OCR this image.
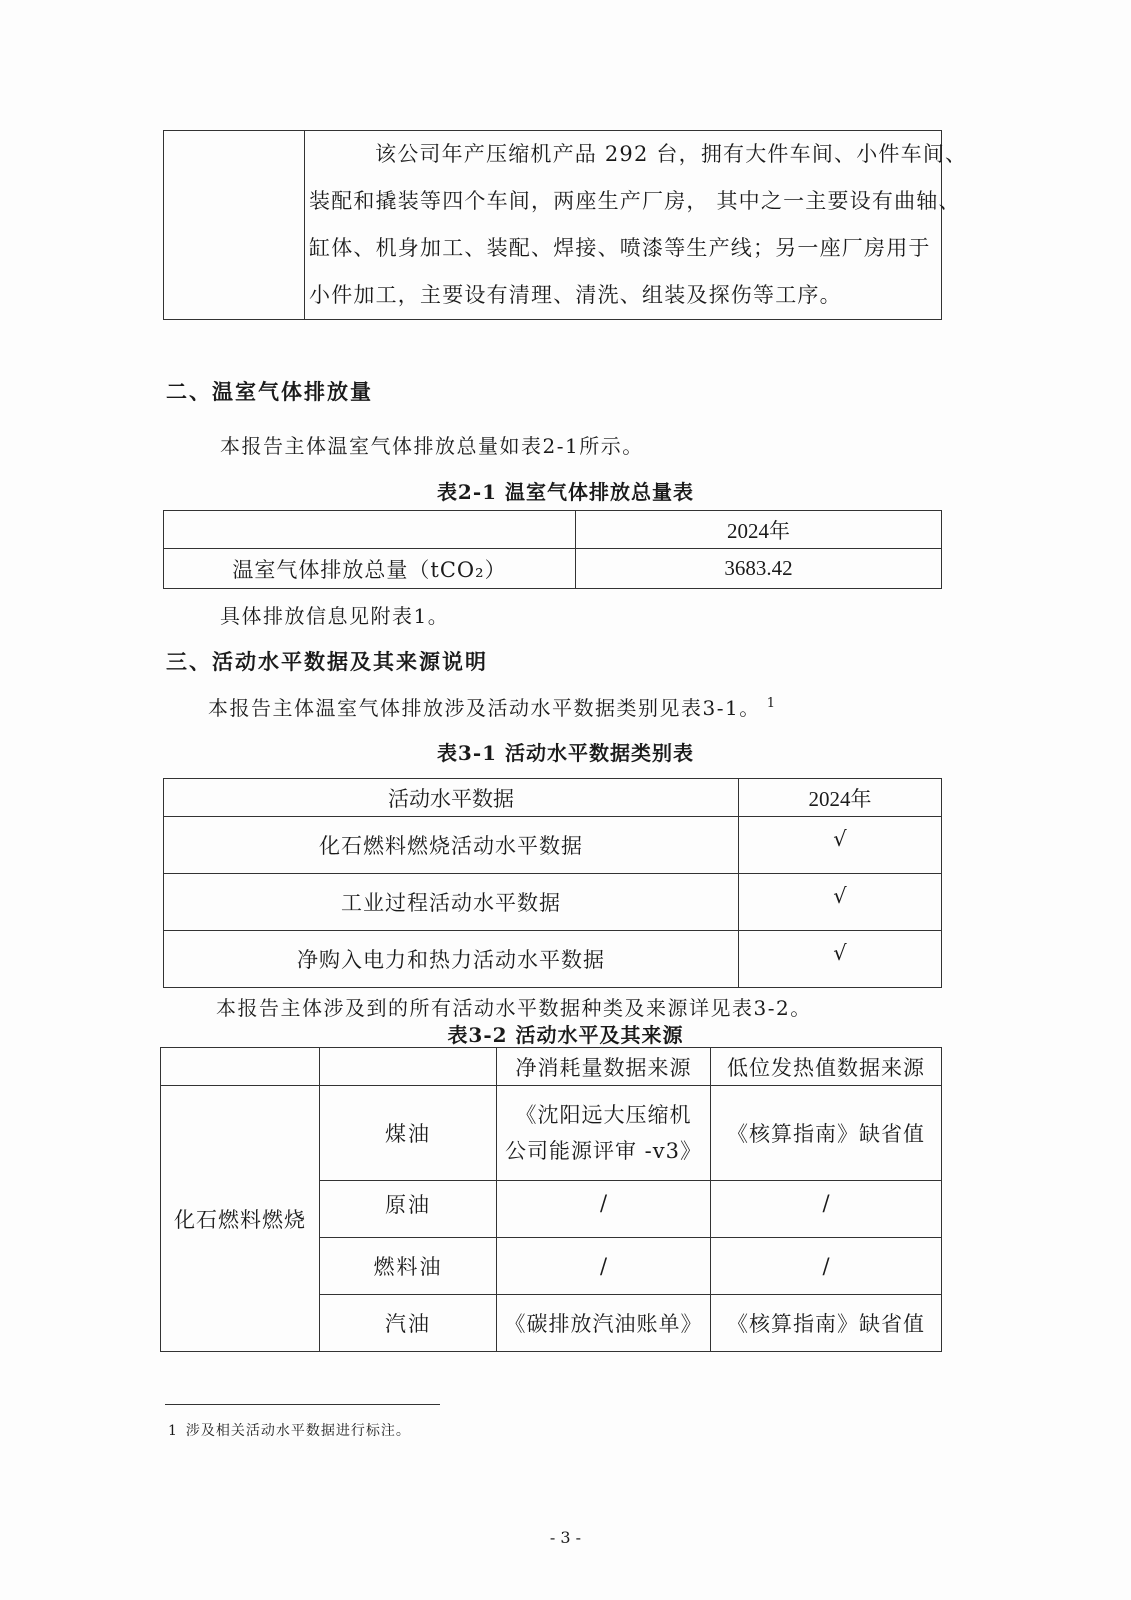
该公司年产压缩机产品 292 台，拥有大件车间、小件车间、
装配和撬装等四个车间，两座生产厂房， 其中之一主要设有曲轴、
缸体、机身加工、装配、焊接、喷漆等生产线；另一座厂房用于
小件加工，主要设有清理、清洗、组装及探伤等工序。
二、温室气体排放量
本报告主体温室气体排放总量如表2-1所示。
表2-1 温室气体排放总量表
	2024年
温室气体排放总量（tCO₂）	3683.42
具体排放信息见附表1。
三、活动水平数据及其来源说明
本报告主体温室气体排放涉及活动水平数据类别见表3-1。 $^1$
表3-1 活动水平数据类别表
活动水平数据	2024年
化石燃料燃烧活动水平数据	√
工业过程活动水平数据	√
净购入电力和热力活动水平数据	√
本报告主体涉及到的所有活动水平数据种类及来源详见表3-2。
表3-2 活动水平及其来源
		净消耗量数据来源	低位发热值数据来源
化石燃料燃烧	煤油	《沈阳远大压缩机
公司能源评审 -v3》	《核算指南》缺省值
	原油	/	/
	燃料油	/	/
	汽油	《碳排放汽油账单》	《核算指南》缺省值
1 涉及相关活动水平数据进行标注。
- 3 -
